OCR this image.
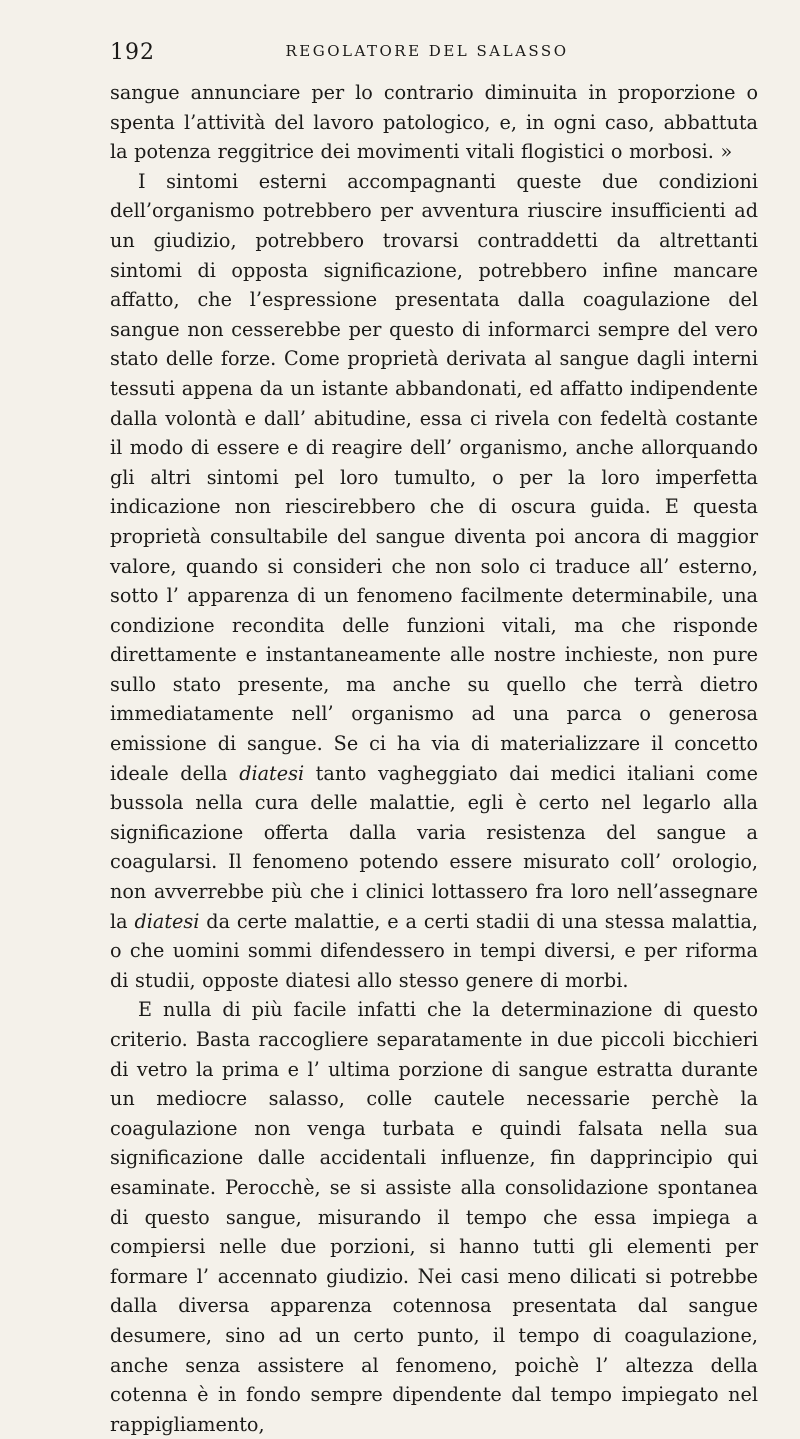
192	REGOLATORE DEL SALASSO

sangue annunciare per lo contrario diminuita in proporzione o spenta l’attività del lavoro patologico, e, in ogni caso, abbattuta la potenza reggitrice dei movimenti vitali flogistici o morbosi. »

I sintomi esterni accompagnanti queste due condizioni dell’organismo potrebbero per avventura riuscire insufficienti ad un giudizio, potrebbero trovarsi contraddetti da altrettanti sintomi di opposta significazione, potrebbero infine mancare affatto, che l’espressione presentata dalla coagulazione del sangue non cesserebbe per questo di informarci sempre del vero stato delle forze. Come proprietà derivata al sangue dagli interni tessuti appena da un istante abbandonati, ed affatto indipendente dalla volontà e dall’ abitudine, essa ci rivela con fedeltà costante il modo di essere e di reagire dell’ organismo, anche allorquando gli altri sintomi pel loro tumulto, o per la loro imperfetta indicazione non riescirebbero che di oscura guida. E questa proprietà consultabile del sangue diventa poi ancora di maggior valore, quando si consideri che non solo ci traduce all’ esterno, sotto l’ apparenza di un fenomeno facilmente determinabile, una condizione recondita delle funzioni vitali, ma che risponde direttamente e instantaneamente alle nostre inchieste, non pure sullo stato presente, ma anche su quello che terrà dietro immediatamente nell’ organismo ad una parca o generosa emissione di sangue. Se ci ha via di materializzare il concetto ideale della diatesi tanto vagheggiato dai medici italiani come bussola nella cura delle malattie, egli è certo nel legarlo alla significazione offerta dalla varia resistenza del sangue a coagularsi. Il fenomeno potendo essere misurato coll’ orologio, non avverrebbe più che i clinici lottassero fra loro nell’assegnare la diatesi da certe malattie, e a certi stadii di una stessa malattia, o che uomini sommi difendessero in tempi diversi, e per riforma di studii, opposte diatesi allo stesso genere di morbi.

E nulla di più facile infatti che la determinazione di questo criterio. Basta raccogliere separatamente in due piccoli bicchieri di vetro la prima e l’ ultima porzione di sangue estratta durante un mediocre salasso, colle cautele necessarie perchè la coagulazione non venga turbata e quindi falsata nella sua significazione dalle accidentali influenze, fin dapprincipio qui esaminate. Perocchè, se si assiste alla consolidazione spontanea di questo sangue, misurando il tempo che essa impiega a compiersi nelle due porzioni, si hanno tutti gli elementi per formare l’ accennato giudizio. Nei casi meno dilicati si potrebbe dalla diversa apparenza cotennosa presentata dal sangue desumere, sino ad un certo punto, il tempo di coagulazione, anche senza assistere al fenomeno, poichè l’ altezza della cotenna è in fondo sempre dipendente dal tempo impiegato nel rappigliamento,
